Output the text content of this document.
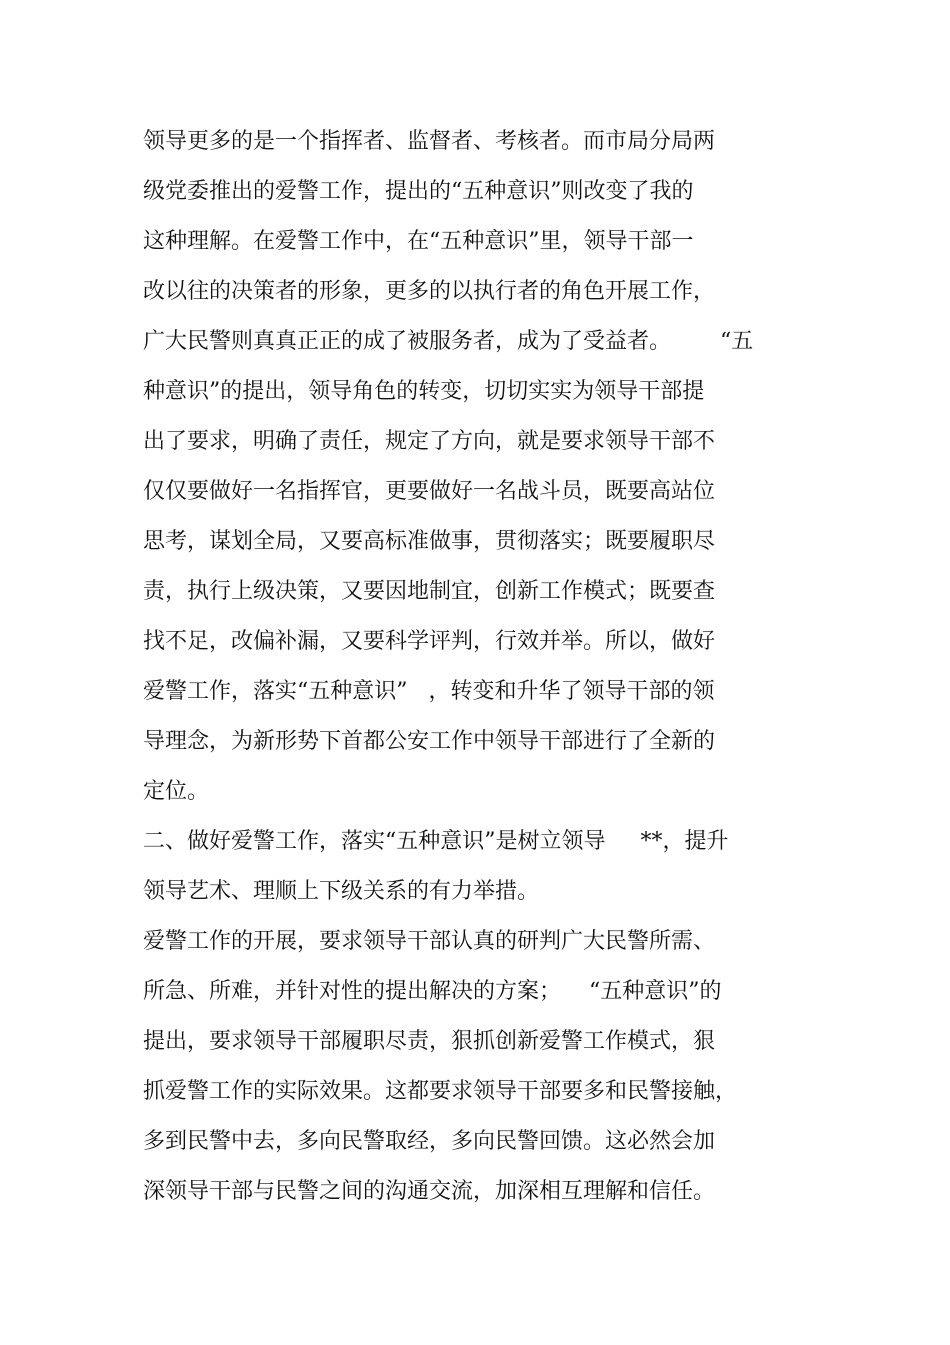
领导更多的是一个指挥者、监督者、考核者。而市局分局两
级党委推出的爱警工作，提出的“五种意识”则改变了我的
这种理解。在爱警工作中，在“五种意识”里，领导干部一
改以往的决策者的形象，更多的以执行者的角色开展工作，
广大民警则真真正正的成了被服务者，成为了受益者。       “五
种意识”的提出，领导角色的转变，切切实实为领导干部提
出了要求，明确了责任，规定了方向，就是要求领导干部不
仅仅要做好一名指挥官，更要做好一名战斗员，既要高站位
思考，谋划全局，又要高标准做事，贯彻落实；既要履职尽
责，执行上级决策，又要因地制宜，创新工作模式；既要查
找不足，改偏补漏，又要科学评判，行效并举。所以，做好
爱警工作，落实“五种意识”   ，转变和升华了领导干部的领
导理念，为新形势下首都公安工作中领导干部进行了全新的
定位。
二、做好爱警工作，落实“五种意识”是树立领导     **，提升
领导艺术、理顺上下级关系的有力举措。
爱警工作的开展，要求领导干部认真的研判广大民警所需、
所急、所难，并针对性的提出解决的方案；    “五种意识”的
提出，要求领导干部履职尽责，狠抓创新爱警工作模式，狠
抓爱警工作的实际效果。这都要求领导干部要多和民警接触，
多到民警中去，多向民警取经，多向民警回馈。这必然会加
深领导干部与民警之间的沟通交流，加深相互理解和信任。
